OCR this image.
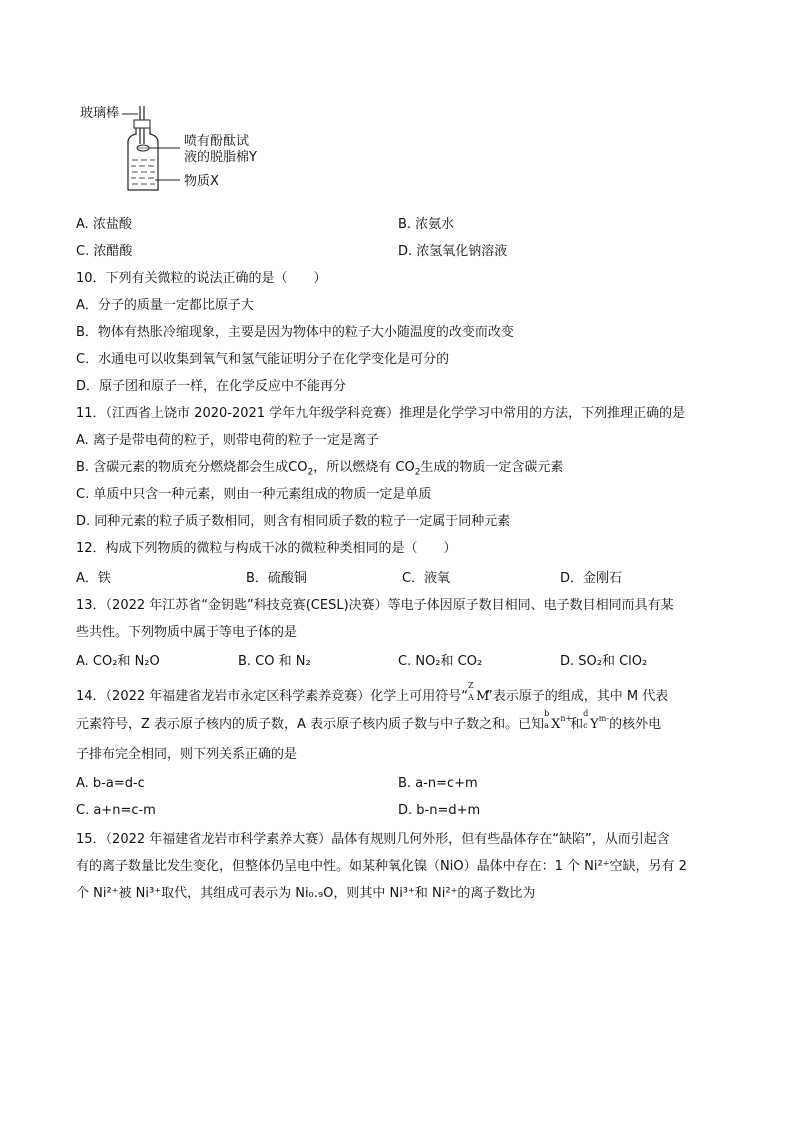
玻璃棒
喷有酚酞试
液的脱脂棉Y
物质X
A. 浓盐酸	B. 浓氨水
C. 浓醋酸	D. 浓氢氧化钠溶液
10．下列有关微粒的说法正确的是（　　）
A．分子的质量一定都比原子大
B．物体有热胀冷缩现象，主要是因为物体中的粒子大小随温度的改变而改变
C．水通电可以收集到氧气和氢气能证明分子在化学变化是可分的
D．原子团和原子一样，在化学反应中不能再分
11．（江西省上饶市 2020-2021 学年九年级学科竞赛）推理是化学学习中常用的方法，下列推理正确的是
A. 离子是带电荷的粒子，则带电荷的粒子一定是离子
B. 含碳元素的物质充分燃烧都会生成$CO_2$，所以燃烧有 $CO_2$生成的物质一定含碳元素
C. 单质中只含一种元素，则由一种元素组成的物质一定是单质
D. 同种元素的粒子质子数相同，则含有相同质子数的粒子一定属于同种元素
12．构成下列物质的微粒与构成干冰的微粒种类相同的是（　　）
A．铁	B．硫酸铜	C．液氧	D．金刚石
13．（2022 年江苏省“金钥匙”科技竞赛(CESL)决赛）等电子体因原子数目相同、电子数目相同而具有某
些共性。下列物质中属于等电子体的是
A. CO₂和 N₂O	B. CO 和 N₂	C. NO₂和 CO₂	D. SO₂和 ClO₂
14．（2022 年福建省龙岩市永定区科学素养竞赛）化学上可用符号“
Z
A M”表示原子的组成，其中 M 代表
元素符号，Z 表示原子核内的质子数，A 表示原子核内质子数与中子数之和。已知
b
a $X^{n+}$和
d
c $Y^{m-}$的核外电
子排布完全相同，则下列关系正确的是
A. b-a=d-c	B. a-n=c+m
C. a+n=c-m	D. b-n=d+m
15．（2022 年福建省龙岩市科学素养大赛）晶体有规则几何外形，但有些晶体存在“缺陷”，从而引起含
有的离子数量比发生变化，但整体仍呈电中性。如某种氧化镍（NiO）晶体中存在：1 个 Ni²⁺空缺，另有 2
个 Ni²⁺被 Ni³⁺取代，其组成可表示为 Ni₀.₉O，则其中 Ni³⁺和 Ni²⁺的离子数比为
